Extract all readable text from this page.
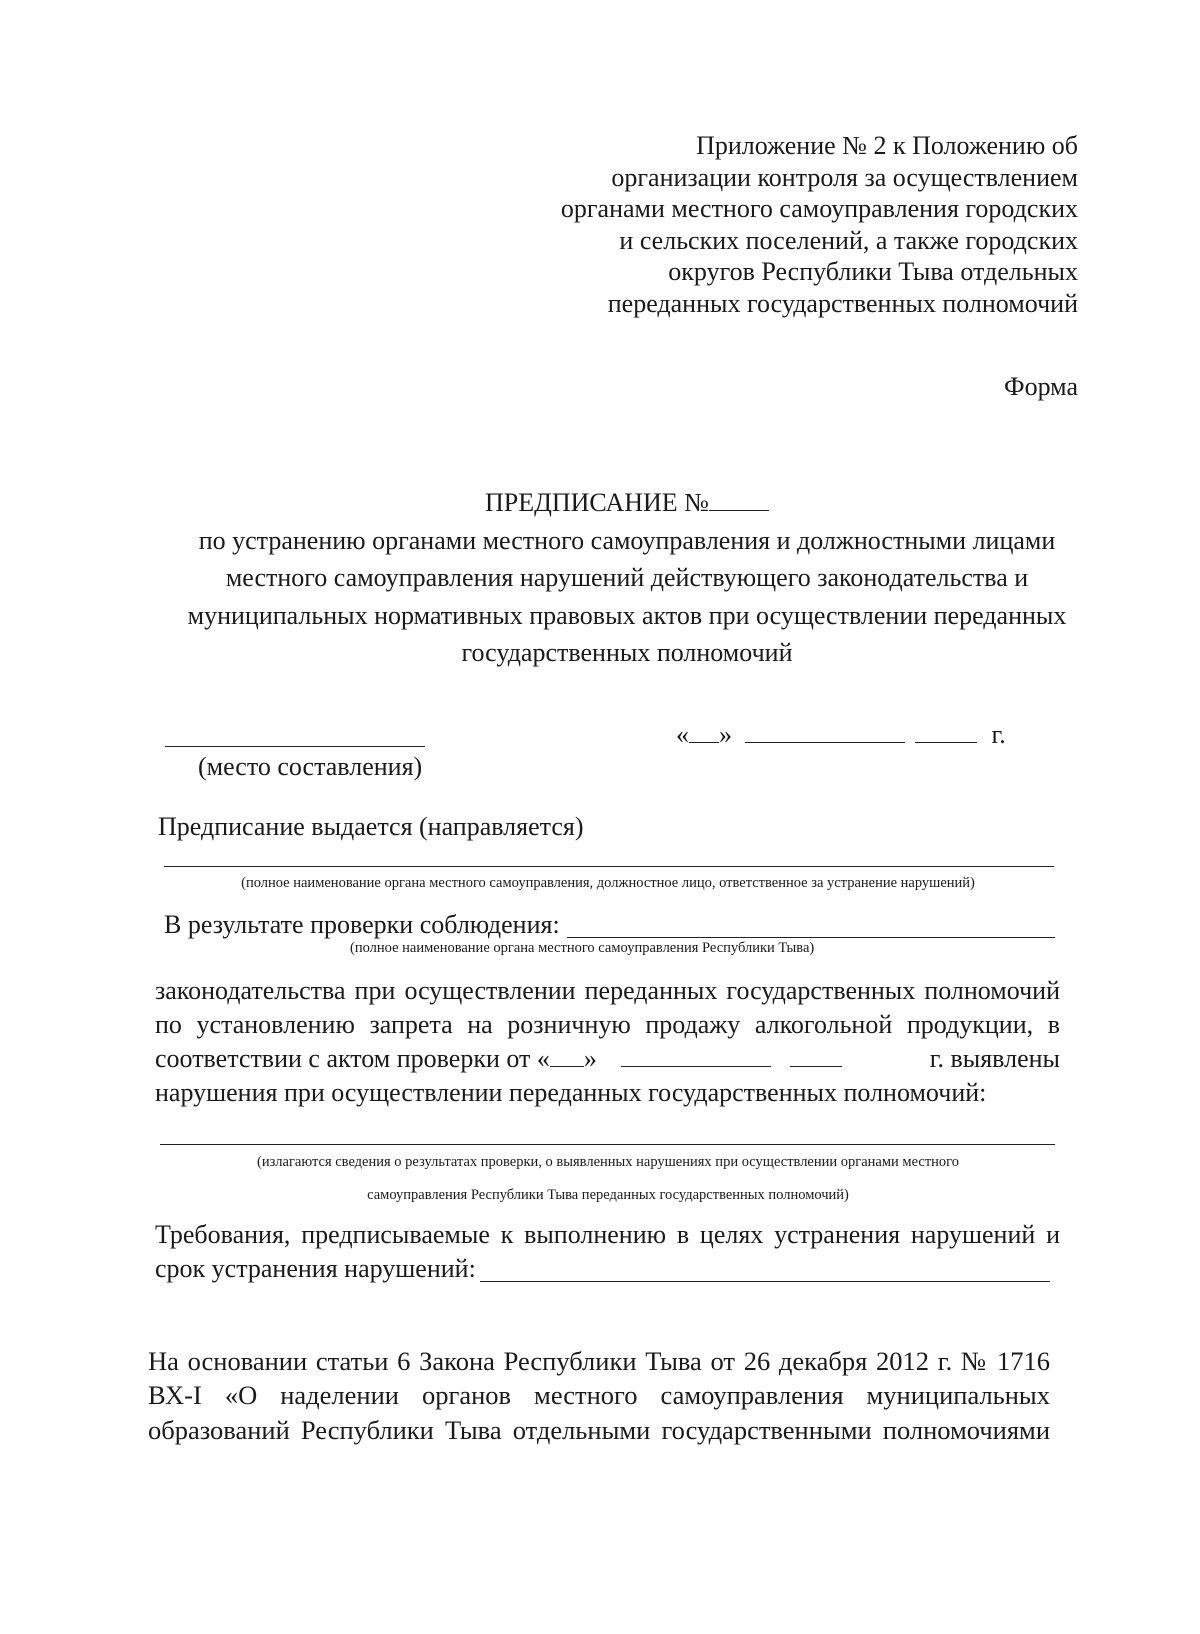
Приложение № 2 к Положению об
организации контроля за осуществлением
органами местного самоуправления городских
и сельских поселений, а также городских
округов Республики Тыва отдельных
переданных государственных полномочий
Форма
ПРЕДПИСАНИЕ №
по устранению органами местного самоуправления и должностными лицами
местного самоуправления нарушений действующего законодательства и
муниципальных нормативных правовых актов при осуществлении переданных
государственных полномочий
(место составления)
« »	г.
Предписание выдается (направляется)
(полное наименование органа местного самоуправления, должностное лицо, ответственное за устранение нарушений)
В результате проверки соблюдения:
(полное наименование органа местного самоуправления Республики Тыва)
законодательства при осуществлении переданных государственных полномочий
по установлению запрета на розничную продажу алкогольной продукции, в
соответствии с актом проверки от « »	г. выявлены
нарушения при осуществлении переданных государственных полномочий:
(излагаются сведения о результатах проверки, о выявленных нарушениях при осуществлении органами местного
самоуправления Республики Тыва переданных государственных полномочий)
Требования, предписываемые к выполнению в целях устранения нарушений и
срок устранения нарушений:
На основании статьи 6 Закона Республики Тыва от 26 декабря 2012 г. № 1716
ВХ-I «О наделении органов местного самоуправления муниципальных
образований Республики Тыва отдельными государственными полномочиями
